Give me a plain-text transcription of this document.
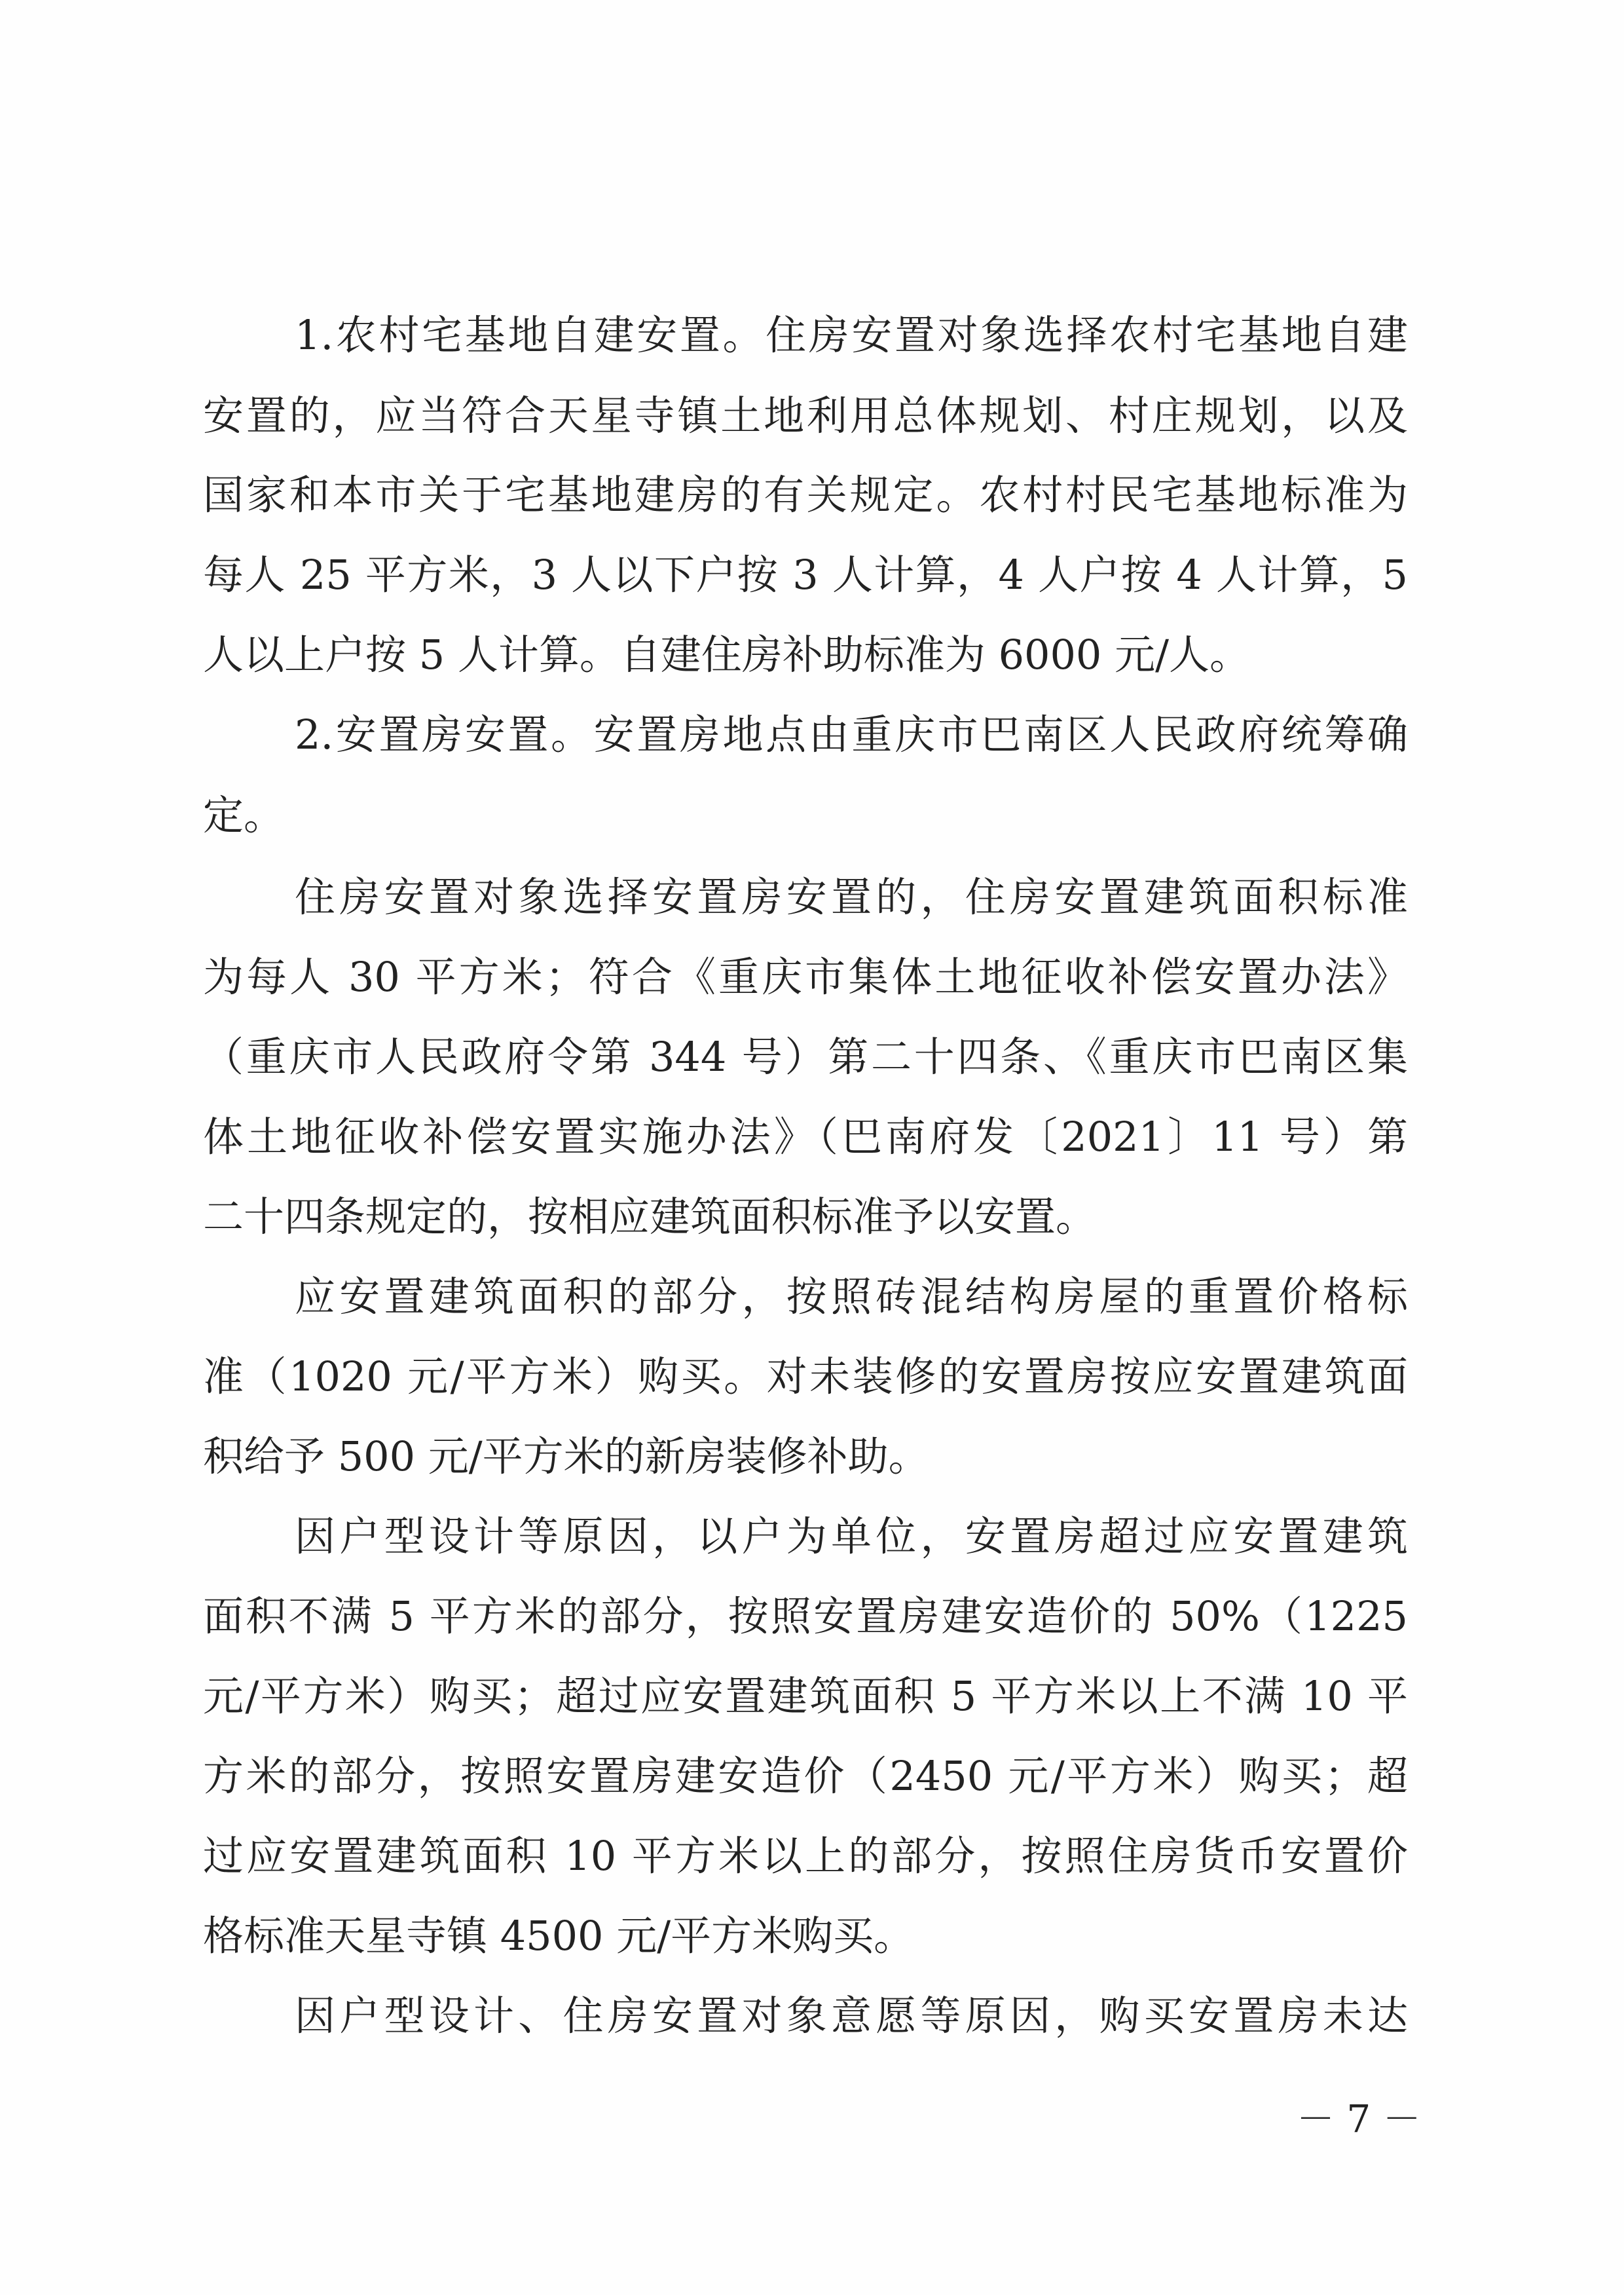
1.农村宅基地自建安置。住房安置对象选择农村宅基地自建
安置的，应当符合天星寺镇土地利用总体规划、村庄规划，以及
国家和本市关于宅基地建房的有关规定。农村村民宅基地标准为
每人 25 平方米，3 人以下户按 3 人计算，4 人户按 4 人计算，5
人以上户按 5 人计算。自建住房补助标准为 6000 元/人。
2.安置房安置。安置房地点由重庆市巴南区人民政府统筹确
定。
住房安置对象选择安置房安置的，住房安置建筑面积标准
为每人 30 平方米；符合《重庆市集体土地征收补偿安置办法》
（重庆市人民政府令第 344 号）第二十四条、《重庆市巴南区集
体土地征收补偿安置实施办法》（巴南府发〔2021〕11 号）第
二十四条规定的，按相应建筑面积标准予以安置。
应安置建筑面积的部分，按照砖混结构房屋的重置价格标
准（1020 元/平方米）购买。对未装修的安置房按应安置建筑面
积给予 500 元/平方米的新房装修补助。
因户型设计等原因，以户为单位，安置房超过应安置建筑
面积不满 5 平方米的部分，按照安置房建安造价的 50%（1225
元/平方米）购买；超过应安置建筑面积 5 平方米以上不满 10 平
方米的部分，按照安置房建安造价（2450 元/平方米）购买；超
过应安置建筑面积 10 平方米以上的部分，按照住房货币安置价
格标准天星寺镇 4500 元/平方米购买。
因户型设计、住房安置对象意愿等原因，购买安置房未达
－ 7 －
